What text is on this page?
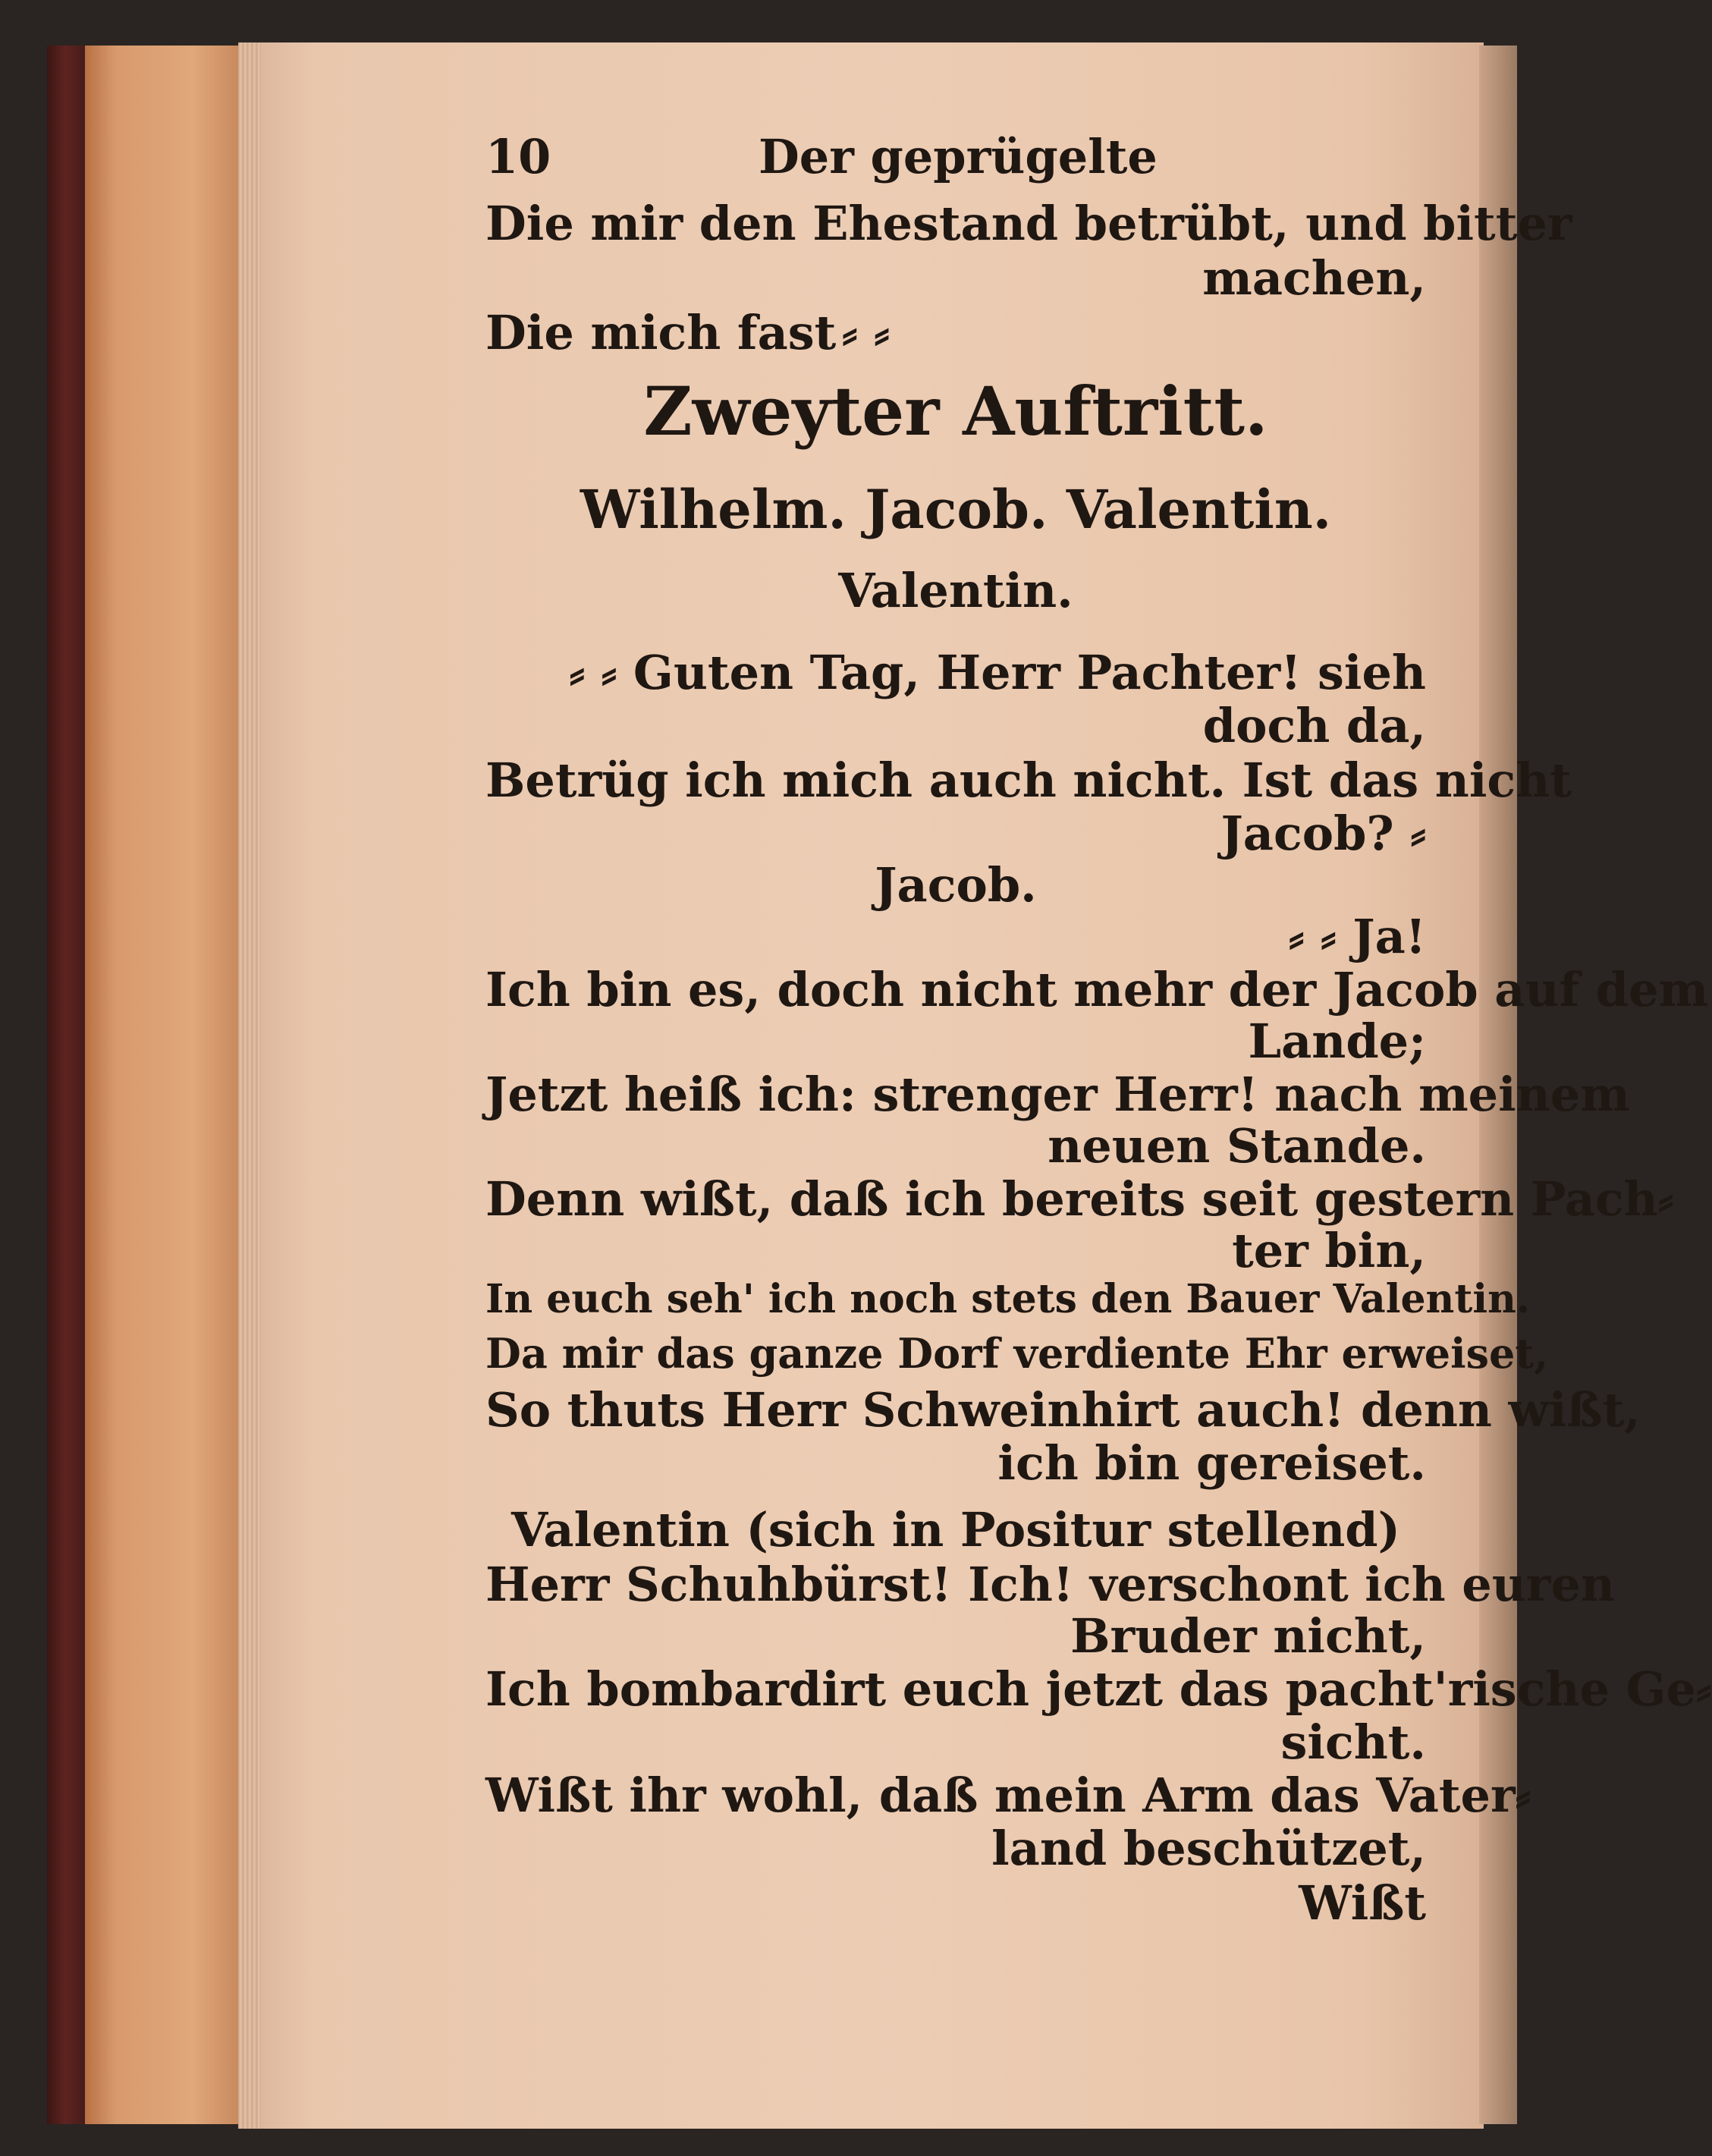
10	Der geprügelte
Die mir den Ehestand betrübt, und bitter
machen,
Die mich fast ⸗ ⸗
Zweyter Auftritt.
Wilhelm. Jacob. Valentin.
Valentin.
⸗ ⸗ Guten Tag, Herr Pachter! sieh
doch da,
Betrüg ich mich auch nicht. Ist das nicht
Jacob? ⸗
Jacob.
⸗ ⸗ Ja!
Ich bin es, doch nicht mehr der Jacob auf dem
Lande;
Jetzt heiß ich: strenger Herr! nach meinem
neuen Stande.
Denn wißt, daß ich bereits seit gestern Pach⸗
ter bin,
In euch seh' ich noch stets den Bauer Valentin.
Da mir das ganze Dorf verdiente Ehr erweiset,
So thuts Herr Schweinhirt auch! denn wißt,
ich bin gereiset.
Valentin (sich in Positur stellend)
Herr Schuhbürst! Ich! verschont ich euren
Bruder nicht,
Ich bombardirt euch jetzt das pacht'rische Ge⸗
sicht.
Wißt ihr wohl, daß mein Arm das Vater⸗
land beschützet,
Wißt
